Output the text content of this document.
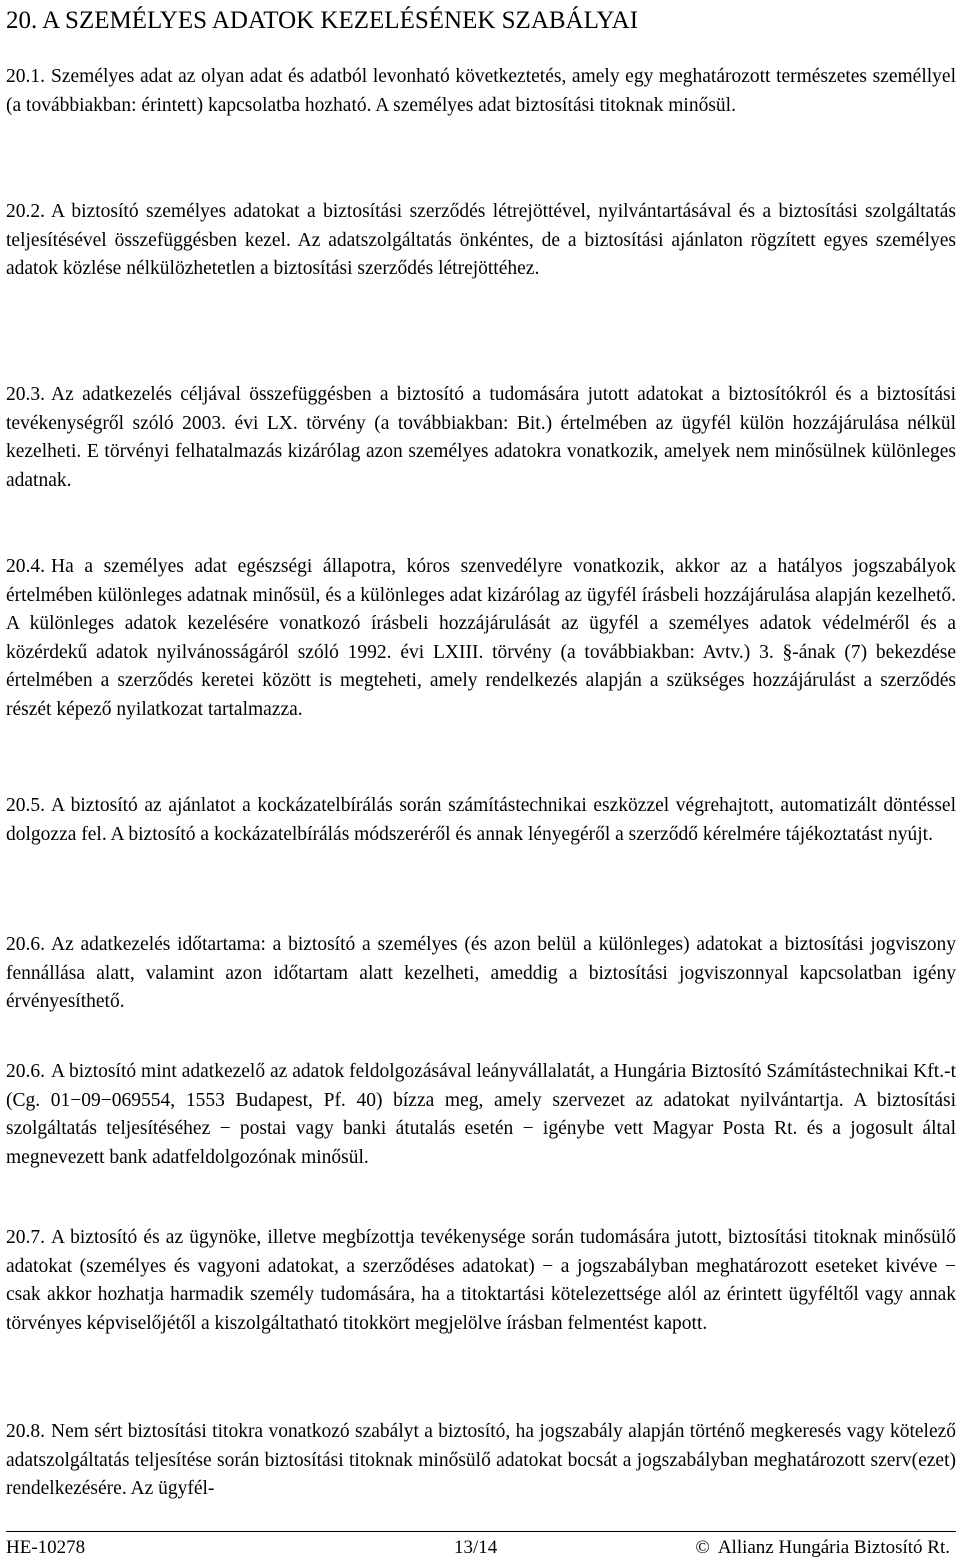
20. A SZEMÉLYES ADATOK KEZELÉSÉNEK SZABÁLYAI

20.1. Személyes adat az olyan adat és adatból levonható következtetés, amely egy meghatározott természetes személlyel (a továbbiakban: érintett) kapcsolatba hozható. A személyes adat biztosítási titoknak minősül.

20.2. A biztosító személyes adatokat a biztosítási szerződés létrejöttével, nyilvántartásával és a biztosítási szolgáltatás teljesítésével összefüggésben kezel. Az adatszolgáltatás önkéntes, de a biztosítási ajánlaton rögzített egyes személyes adatok közlése nélkülözhetetlen a biztosítási szerződés létrejöttéhez.

20.3. Az adatkezelés céljával összefüggésben a biztosító a tudomására jutott adatokat a biztosítókról és a biztosítási tevékenységről szóló 2003. évi LX. törvény (a továbbiakban: Bit.) értelmében az ügyfél külön hozzájárulása nélkül kezelheti. E törvényi felhatalmazás kizárólag azon személyes adatokra vonatkozik, amelyek nem minősülnek különleges adatnak.

20.4. Ha a személyes adat egészségi állapotra, kóros szenvedélyre vonatkozik, akkor az a hatályos jogszabályok értelmében különleges adatnak minősül, és a különleges adat kizárólag az ügyfél írásbeli hozzájárulása alapján kezelhető. A különleges adatok kezelésére vonatkozó írásbeli hozzájárulását az ügyfél a személyes adatok védelméről és a közérdekű adatok nyilvánosságáról szóló 1992. évi LXIII. törvény (a továbbiakban: Avtv.) 3. §-ának (7) bekezdése értelmében a szerződés keretei között is megteheti, amely rendelkezés alapján a szükséges hozzájárulást a szerződés részét képező nyilatkozat tartalmazza.

20.5. A biztosító az ajánlatot a kockázatelbírálás során számítástechnikai eszközzel végrehajtott, automatizált döntéssel dolgozza fel. A biztosító a kockázatelbírálás módszeréről és annak lényegéről a szerződő kérelmére tájékoztatást nyújt.

20.6. Az adatkezelés időtartama: a biztosító a személyes (és azon belül a különleges) adatokat a biztosítási jogviszony fennállása alatt, valamint azon időtartam alatt kezelheti, ameddig a biztosítási jogviszonnyal kapcsolatban igény érvényesíthető.

20.6. A biztosító mint adatkezelő az adatok feldolgozásával leányvállalatát, a Hungária Biztosító Számítástechnikai Kft.-t (Cg. 01−09−069554, 1553 Budapest, Pf. 40) bízza meg, amely szervezet az adatokat nyilvántartja. A biztosítási szolgáltatás teljesítéséhez − postai vagy banki átutalás esetén − igénybe vett Magyar Posta Rt. és a jogosult által megnevezett bank adatfeldolgozónak minősül.

20.7. A biztosító és az ügynöke, illetve megbízottja tevékenysége során tudomására jutott, biztosítási titoknak minősülő adatokat (személyes és vagyoni adatokat, a szerződéses adatokat) − a jogszabályban meghatározott eseteket kivéve − csak akkor hozhatja harmadik személy tudomására, ha a titoktartási kötelezettsége alól az érintett ügyféltől vagy annak törvényes képviselőjétől a kiszolgáltatható titokkört megjelölve írásban felmentést kapott.

20.8. Nem sért biztosítási titokra vonatkozó szabályt a biztosító, ha jogszabály alapján történő megkeresés vagy kötelező adatszolgáltatás teljesítése során biztosítási titoknak minősülő adatokat bocsát a jogszabályban meghatározott szerv(ezet) rendelkezésére. Az ügyfél-

HE-10278	13/14	© Allianz Hungária Biztosító Rt.
